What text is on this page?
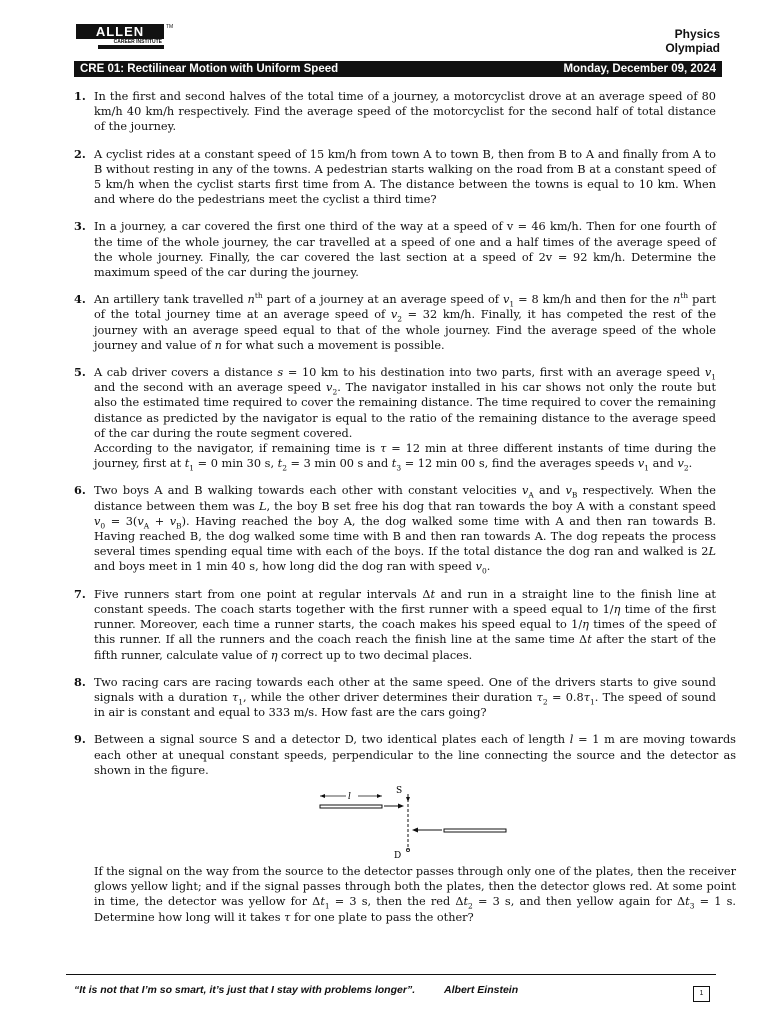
ALLEN
CAREER INSTITUTE
TM	Physics
Olympiad
CRE 01: Rectilinear Motion with Uniform Speed	Monday, December 09, 2024
1. In the first and second halves of the total time of a journey, a motorcyclist drove at an average speed of 80 km/h 40 km/h respectively. Find the average speed of the motorcyclist for the second half of total distance of the journey.

2. A cyclist rides at a constant speed of 15 km/h from town A to town B, then from B to A and finally from A to B without resting in any of the towns. A pedestrian starts walking on the road from B at a constant speed of 5 km/h when the cyclist starts first time from A. The distance between the towns is equal to 10 km. When and where do the pedestrians meet the cyclist a third time?

3. In a journey, a car covered the first one third of the way at a speed of v = 46 km/h. Then for one fourth of the time of the whole journey, the car travelled at a speed of one and a half times of the average speed of the whole journey. Finally, the car covered the last section at a speed of 2v = 92 km/h. Determine the maximum speed of the car during the journey.

4. An artillery tank travelled $n^{th}$ part of a journey at an average speed of $v_1 = 8$ km/h and then for the $n^{th}$ part of the total journey time at an average speed of $v_2 = 32$ km/h. Finally, it has competed the rest of the journey with an average speed equal to that of the whole journey. Find the average speed of the whole journey and value of n for what such a movement is possible.

5. A cab driver covers a distance s = 10 km to his destination into two parts, first with an average speed $v_1$ and the second with an average speed $v_2$. The navigator installed in his car shows not only the route but also the estimated time required to cover the remaining distance. The time required to cover the remaining distance as predicted by the navigator is equal to the ratio of the remaining distance to the average speed of the car during the route segment covered.

According to the navigator, if remaining time is τ = 12 min at three different instants of time during the journey, first at $t_1 = 0$ min 30 s, $t_2 = 3$ min 00 s and $t_3 = 12$ min 00 s, find the averages speeds $v_1$ and $v_2$.

6. Two boys A and B walking towards each other with constant velocities $v_A$ and $v_B$ respectively. When the distance between them was L, the boy B set free his dog that ran towards the boy A with a constant speed $v_0 = 3(v_A + v_B)$. Having reached the boy A, the dog walked some time with A and then ran towards B. Having reached B, the dog walked some time with B and then ran towards A. The dog repeats the process several times spending equal time with each of the boys. If the total distance the dog ran and walked is 2L and boys meet in 1 min 40 s, how long did the dog ran with speed $v_0$.

7. Five runners start from one point at regular intervals Δt and run in a straight line to the finish line at constant speeds. The coach starts together with the first runner with a speed equal to 1/η time of the first runner. Moreover, each time a runner starts, the coach makes his speed equal to 1/η times of the speed of this runner. If all the runners and the coach reach the finish line at the same time Δt after the start of the fifth runner, calculate value of η correct up to two decimal places.

8. Two racing cars are racing towards each other at the same speed. One of the drivers starts to give sound signals with a duration $\tau_1$, while the other driver determines their duration $\tau_2 = 0.8\tau_1$. The speed of sound in air is constant and equal to 333 m/s. How fast are the cars going?

9. Between a signal source S and a detector D, two identical plates each of length l = 1 m are moving towards each other at unequal constant speeds, perpendicular to the line connecting the source and the detector as shown in the figure.

S
D
l

If the signal on the way from the source to the detector passes through only one of the plates, then the receiver glows yellow light; and if the signal passes through both the plates, then the detector glows red. At some point in time, the detector was yellow for $\Delta t_1 = 3$ s, then the red $\Delta t_2 = 3$ s, and then yellow again for $\Delta t_3 = 1$ s. Determine how long will it takes τ for one plate to pass the other?

“It is not that I’m so smart, it’s just that I stay with problems longer”.	Albert Einstein	1
